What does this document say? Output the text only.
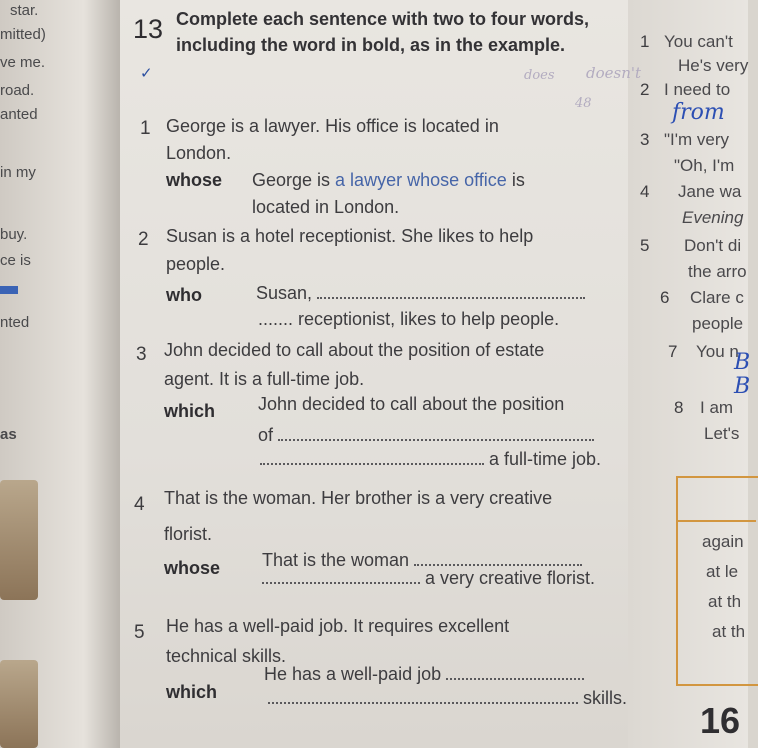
star.
mitted)
ve me.
road.
anted
in my
buy.
ce is
nted
as
13
✓
Complete each sentence with two to four words, including the word in bold, as in the example.
doesn't
does
48
1 George is a lawyer. His office is located in
London.
whose George is a lawyer whose office is
located in London.
2 Susan is a hotel receptionist. She likes to help
people.
who	Susan,
....... receptionist, likes to help people.
3 John decided to call about the position of estate
agent. It is a full-time job.
which John decided to call about the position
of
a full-time job.
4 That is the woman. Her brother is a very creative
florist.
whose That is the woman
a very creative florist.
5 He has a well-paid job. It requires excellent
technical skills.
which
He has a well-paid job
skills.
1 You can't
He's very
2 I need to
from
3 "I'm very
"Oh, I'm
4 Jane wa
Evening
5 Don't di
the arro
6 Clare c
people
7 You n
B
B
8 I am
Let's
again
at le
at th
at th
16
